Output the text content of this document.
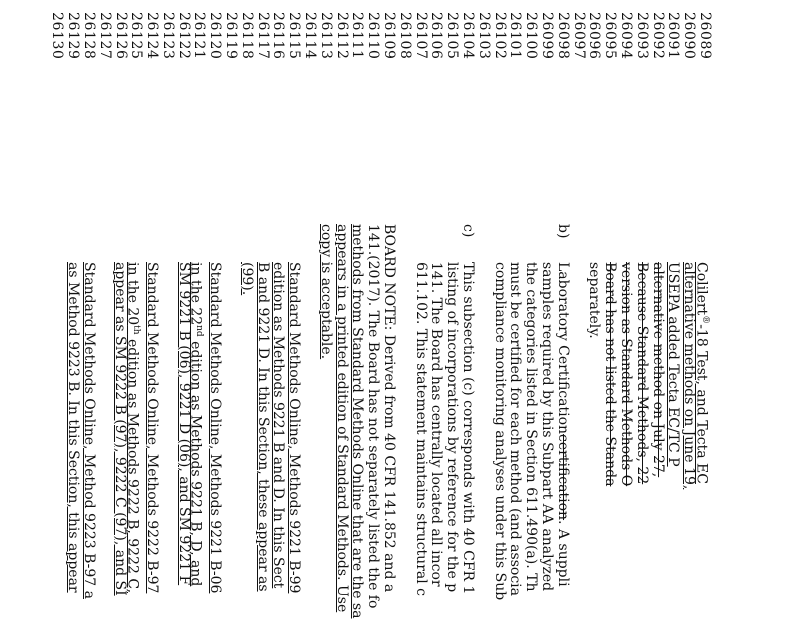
26089
26090
26091
26092
26093
26094
26095
26096
26097
26098
26099
26100
26101
26102
26103
26104
26105
26106
26107
26108
26109
26110
26111
26112
26113
26114
26115
26116
26117
26118
26119
26120
26121
26122
26123
26124
26125
26126
26127
26128
26129
26130
Colilert®-18 Test, and Tecta EC
alternative methods on June 19,
USEPA added Tecta EC/TC P
alternative method on July 27,
Because Standard Methods, 22
version as Standard Methods O
Board has not listed the Standa
separately.
b)
Laboratory Certificationcertification. A suppli
samples required by this Subpart AA analyzed
the categories listed in Section 611.490(a). Th
must be certified for each method (and associa
compliance monitoring analyses under this Sub
c)
This subsection (c) corresponds with 40 CFR 1
listing of incorporations by reference for the p
141. The Board has centrally located all incor
611.102. This statement maintains structural c
BOARD NOTE: Derived from 40 CFR 141.852 and a
141.(2017). The Board has not separately listed the fo
methods from Standard Methods Online that are the sa
appears in a printed edition of Standard Methods. Use
copy is acceptable.
Standard Methods Online, Methods 9221 B-99
edition as Methods 9221 B and D. In this Sect
B and 9221 D. In this Section, these appear as
(99).
Standard Methods Online, Methods 9221 B-06
in the 22nd edition as Methods 9221 B, D, and
SM 9221 B (06), 9221 D (06), and SM 9221 F
Standard Methods Online, Methods 9222 B-97
in the 20th edition as Methods 9222 B, 9222 C,
appear as SM 9222 B (97), 9222 C (97), and SI
Standard Methods Online, Method 9223 B-97 a
as Method 9223 B. In this Section, this appear
